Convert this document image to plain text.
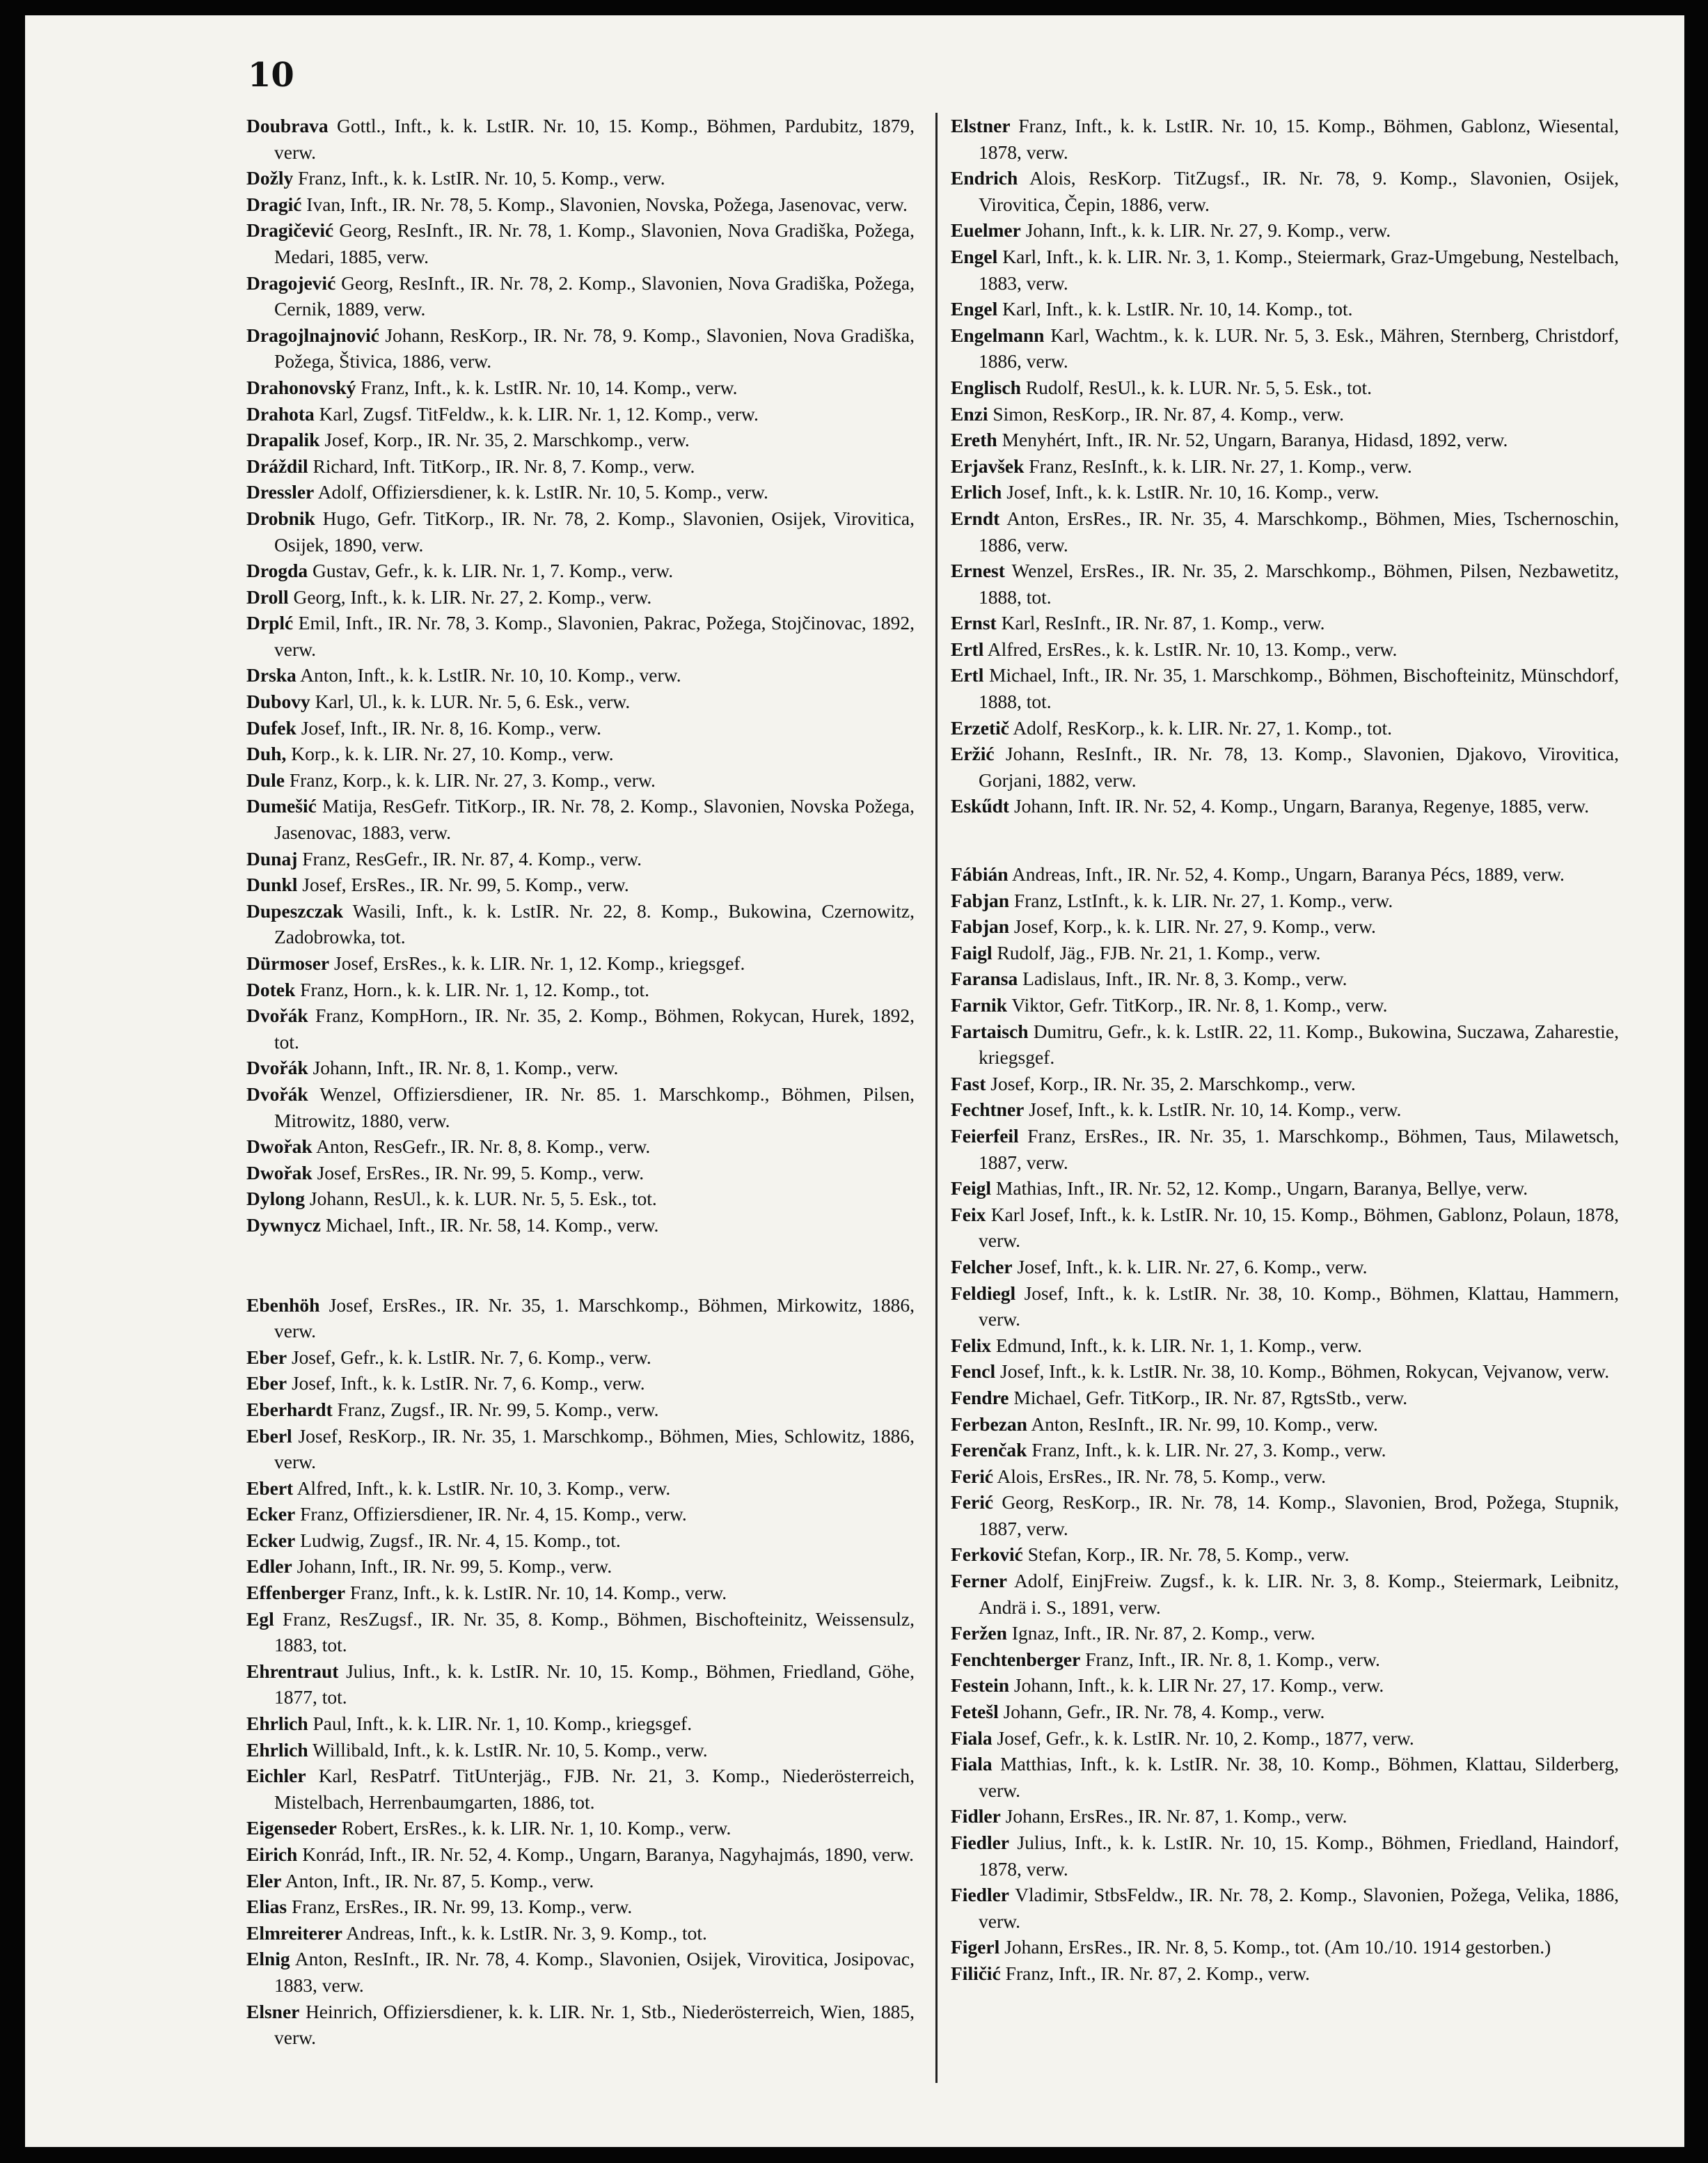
10
Doubrava Gottl., Inft., k. k. LstIR. Nr. 10, 15. Komp., Böhmen, Pardubitz, 1879, verw.
Dožly Franz, Inft., k. k. LstIR. Nr. 10, 5. Komp., verw.
Dragić Ivan, Inft., IR. Nr. 78, 5. Komp., Slavonien, Novska, Požega, Jasenovac, verw.
Dragičević Georg, ResInft., IR. Nr. 78, 1. Komp., Slavonien, Nova Gradiška, Požega, Medari, 1885, verw.
Dragojević Georg, ResInft., IR. Nr. 78, 2. Komp., Slavonien, Nova Gradiška, Požega, Cernik, 1889, verw.
Dragojlnajnović Johann, ResKorp., IR. Nr. 78, 9. Komp., Slavonien, Nova Gradiška, Požega, Štivica, 1886, verw.
Drahonovský Franz, Inft., k. k. LstIR. Nr. 10, 14. Komp., verw.
Drahota Karl, Zugsf. TitFeldw., k. k. LIR. Nr. 1, 12. Komp., verw.
Drapalik Josef, Korp., IR. Nr. 35, 2. Marschkomp., verw.
Dráždil Richard, Inft. TitKorp., IR. Nr. 8, 7. Komp., verw.
Dressler Adolf, Offiziersdiener, k. k. LstIR. Nr. 10, 5. Komp., verw.
Drobnik Hugo, Gefr. TitKorp., IR. Nr. 78, 2. Komp., Slavonien, Osijek, Virovitica, Osijek, 1890, verw.
Drogda Gustav, Gefr., k. k. LIR. Nr. 1, 7. Komp., verw.
Droll Georg, Inft., k. k. LIR. Nr. 27, 2. Komp., verw.
Drplć Emil, Inft., IR. Nr. 78, 3. Komp., Slavonien, Pakrac, Požega, Stojčinovac, 1892, verw.
Drska Anton, Inft., k. k. LstIR. Nr. 10, 10. Komp., verw.
Dubovy Karl, Ul., k. k. LUR. Nr. 5, 6. Esk., verw.
Dufek Josef, Inft., IR. Nr. 8, 16. Komp., verw.
Duh, Korp., k. k. LIR. Nr. 27, 10. Komp., verw.
Dule Franz, Korp., k. k. LIR. Nr. 27, 3. Komp., verw.
Dumešić Matija, ResGefr. TitKorp., IR. Nr. 78, 2. Komp., Slavonien, Novska Požega, Jasenovac, 1883, verw.
Dunaj Franz, ResGefr., IR. Nr. 87, 4. Komp., verw.
Dunkl Josef, ErsRes., IR. Nr. 99, 5. Komp., verw.
Dupeszczak Wasili, Inft., k. k. LstIR. Nr. 22, 8. Komp., Bukowina, Czernowitz, Zadobrowka, tot.
Dürmoser Josef, ErsRes., k. k. LIR. Nr. 1, 12. Komp., kriegsgef.
Dotek Franz, Horn., k. k. LIR. Nr. 1, 12. Komp., tot.
Dvořák Franz, KompHorn., IR. Nr. 35, 2. Komp., Böhmen, Rokycan, Hurek, 1892, tot.
Dvořák Johann, Inft., IR. Nr. 8, 1. Komp., verw.
Dvořák Wenzel, Offiziersdiener, IR. Nr. 85. 1. Marschkomp., Böhmen, Pilsen, Mitrowitz, 1880, verw.
Dwořak Anton, ResGefr., IR. Nr. 8, 8. Komp., verw.
Dwořak Josef, ErsRes., IR. Nr. 99, 5. Komp., verw.
Dylong Johann, ResUl., k. k. LUR. Nr. 5, 5. Esk., tot.
Dywnycz Michael, Inft., IR. Nr. 58, 14. Komp., verw.
Ebenhöh Josef, ErsRes., IR. Nr. 35, 1. Marschkomp., Böhmen, Mirkowitz, 1886, verw.
Eber Josef, Gefr., k. k. LstIR. Nr. 7, 6. Komp., verw.
Eber Josef, Inft., k. k. LstIR. Nr. 7, 6. Komp., verw.
Eberhardt Franz, Zugsf., IR. Nr. 99, 5. Komp., verw.
Eberl Josef, ResKorp., IR. Nr. 35, 1. Marschkomp., Böhmen, Mies, Schlowitz, 1886, verw.
Ebert Alfred, Inft., k. k. LstIR. Nr. 10, 3. Komp., verw.
Ecker Franz, Offiziersdiener, IR. Nr. 4, 15. Komp., verw.
Ecker Ludwig, Zugsf., IR. Nr. 4, 15. Komp., tot.
Edler Johann, Inft., IR. Nr. 99, 5. Komp., verw.
Effenberger Franz, Inft., k. k. LstIR. Nr. 10, 14. Komp., verw.
Egl Franz, ResZugsf., IR. Nr. 35, 8. Komp., Böhmen, Bischofteinitz, Weissensulz, 1883, tot.
Ehrentraut Julius, Inft., k. k. LstIR. Nr. 10, 15. Komp., Böhmen, Friedland, Göhe, 1877, tot.
Ehrlich Paul, Inft., k. k. LIR. Nr. 1, 10. Komp., kriegsgef.
Ehrlich Willibald, Inft., k. k. LstIR. Nr. 10, 5. Komp., verw.
Eichler Karl, ResPatrf. TitUnterjäg., FJB. Nr. 21, 3. Komp., Niederösterreich, Mistelbach, Herrenbaumgarten, 1886, tot.
Eigenseder Robert, ErsRes., k. k. LIR. Nr. 1, 10. Komp., verw.
Eirich Konrád, Inft., IR. Nr. 52, 4. Komp., Ungarn, Baranya, Nagyhajmás, 1890, verw.
Eler Anton, Inft., IR. Nr. 87, 5. Komp., verw.
Elias Franz, ErsRes., IR. Nr. 99, 13. Komp., verw.
Elmreiterer Andreas, Inft., k. k. LstIR. Nr. 3, 9. Komp., tot.
Elnig Anton, ResInft., IR. Nr. 78, 4. Komp., Slavonien, Osijek, Virovitica, Josipovac, 1883, verw.
Elsner Heinrich, Offiziersdiener, k. k. LIR. Nr. 1, Stb., Niederösterreich, Wien, 1885, verw.
Elstner Franz, Inft., k. k. LstIR. Nr. 10, 15. Komp., Böhmen, Gablonz, Wiesental, 1878, verw.
Endrich Alois, ResKorp. TitZugsf., IR. Nr. 78, 9. Komp., Slavonien, Osijek, Virovitica, Čepin, 1886, verw.
Euelmer Johann, Inft., k. k. LIR. Nr. 27, 9. Komp., verw.
Engel Karl, Inft., k. k. LIR. Nr. 3, 1. Komp., Steiermark, Graz-Umgebung, Nestelbach, 1883, verw.
Engel Karl, Inft., k. k. LstIR. Nr. 10, 14. Komp., tot.
Engelmann Karl, Wachtm., k. k. LUR. Nr. 5, 3. Esk., Mähren, Sternberg, Christdorf, 1886, verw.
Englisch Rudolf, ResUl., k. k. LUR. Nr. 5, 5. Esk., tot.
Enzi Simon, ResKorp., IR. Nr. 87, 4. Komp., verw.
Ereth Menyhért, Inft., IR. Nr. 52, Ungarn, Baranya, Hidasd, 1892, verw.
Erjavšek Franz, ResInft., k. k. LIR. Nr. 27, 1. Komp., verw.
Erlich Josef, Inft., k. k. LstIR. Nr. 10, 16. Komp., verw.
Erndt Anton, ErsRes., IR. Nr. 35, 4. Marschkomp., Böhmen, Mies, Tschernoschin, 1886, verw.
Ernest Wenzel, ErsRes., IR. Nr. 35, 2. Marschkomp., Böhmen, Pilsen, Nezbawetitz, 1888, tot.
Ernst Karl, ResInft., IR. Nr. 87, 1. Komp., verw.
Ertl Alfred, ErsRes., k. k. LstIR. Nr. 10, 13. Komp., verw.
Ertl Michael, Inft., IR. Nr. 35, 1. Marschkomp., Böhmen, Bischofteinitz, Münschdorf, 1888, tot.
Erzetič Adolf, ResKorp., k. k. LIR. Nr. 27, 1. Komp., tot.
Eržić Johann, ResInft., IR. Nr. 78, 13. Komp., Slavonien, Djakovo, Virovitica, Gorjani, 1882, verw.
Eskűdt Johann, Inft. IR. Nr. 52, 4. Komp., Ungarn, Baranya, Regenye, 1885, verw.
Fábián Andreas, Inft., IR. Nr. 52, 4. Komp., Ungarn, Baranya Pécs, 1889, verw.
Fabjan Franz, LstInft., k. k. LIR. Nr. 27, 1. Komp., verw.
Fabjan Josef, Korp., k. k. LIR. Nr. 27, 9. Komp., verw.
Faigl Rudolf, Jäg., FJB. Nr. 21, 1. Komp., verw.
Faransa Ladislaus, Inft., IR. Nr. 8, 3. Komp., verw.
Farnik Viktor, Gefr. TitKorp., IR. Nr. 8, 1. Komp., verw.
Fartaisch Dumitru, Gefr., k. k. LstIR. 22, 11. Komp., Bukowina, Suczawa, Zaharestie, kriegsgef.
Fast Josef, Korp., IR. Nr. 35, 2. Marschkomp., verw.
Fechtner Josef, Inft., k. k. LstIR. Nr. 10, 14. Komp., verw.
Feierfeil Franz, ErsRes., IR. Nr. 35, 1. Marschkomp., Böhmen, Taus, Milawetsch, 1887, verw.
Feigl Mathias, Inft., IR. Nr. 52, 12. Komp., Ungarn, Baranya, Bellye, verw.
Feix Karl Josef, Inft., k. k. LstIR. Nr. 10, 15. Komp., Böhmen, Gablonz, Polaun, 1878, verw.
Felcher Josef, Inft., k. k. LIR. Nr. 27, 6. Komp., verw.
Feldiegl Josef, Inft., k. k. LstIR. Nr. 38, 10. Komp., Böhmen, Klattau, Hammern, verw.
Felix Edmund, Inft., k. k. LIR. Nr. 1, 1. Komp., verw.
Fencl Josef, Inft., k. k. LstIR. Nr. 38, 10. Komp., Böhmen, Rokycan, Vejvanow, verw.
Fendre Michael, Gefr. TitKorp., IR. Nr. 87, RgtsStb., verw.
Ferbezan Anton, ResInft., IR. Nr. 99, 10. Komp., verw.
Ferenčak Franz, Inft., k. k. LIR. Nr. 27, 3. Komp., verw.
Ferić Alois, ErsRes., IR. Nr. 78, 5. Komp., verw.
Ferić Georg, ResKorp., IR. Nr. 78, 14. Komp., Slavonien, Brod, Požega, Stupnik, 1887, verw.
Ferković Stefan, Korp., IR. Nr. 78, 5. Komp., verw.
Ferner Adolf, EinjFreiw. Zugsf., k. k. LIR. Nr. 3, 8. Komp., Steiermark, Leibnitz, Andrä i. S., 1891, verw.
Feržen Ignaz, Inft., IR. Nr. 87, 2. Komp., verw.
Fenchtenberger Franz, Inft., IR. Nr. 8, 1. Komp., verw.
Festein Johann, Inft., k. k. LIR Nr. 27, 17. Komp., verw.
Fetešl Johann, Gefr., IR. Nr. 78, 4. Komp., verw.
Fiala Josef, Gefr., k. k. LstIR. Nr. 10, 2. Komp., 1877, verw.
Fiala Matthias, Inft., k. k. LstIR. Nr. 38, 10. Komp., Böhmen, Klattau, Silderberg, verw.
Fidler Johann, ErsRes., IR. Nr. 87, 1. Komp., verw.
Fiedler Julius, Inft., k. k. LstIR. Nr. 10, 15. Komp., Böhmen, Friedland, Haindorf, 1878, verw.
Fiedler Vladimir, StbsFeldw., IR. Nr. 78, 2. Komp., Slavonien, Požega, Velika, 1886, verw.
Figerl Johann, ErsRes., IR. Nr. 8, 5. Komp., tot. (Am 10./10. 1914 gestorben.)
Filičić Franz, Inft., IR. Nr. 87, 2. Komp., verw.
